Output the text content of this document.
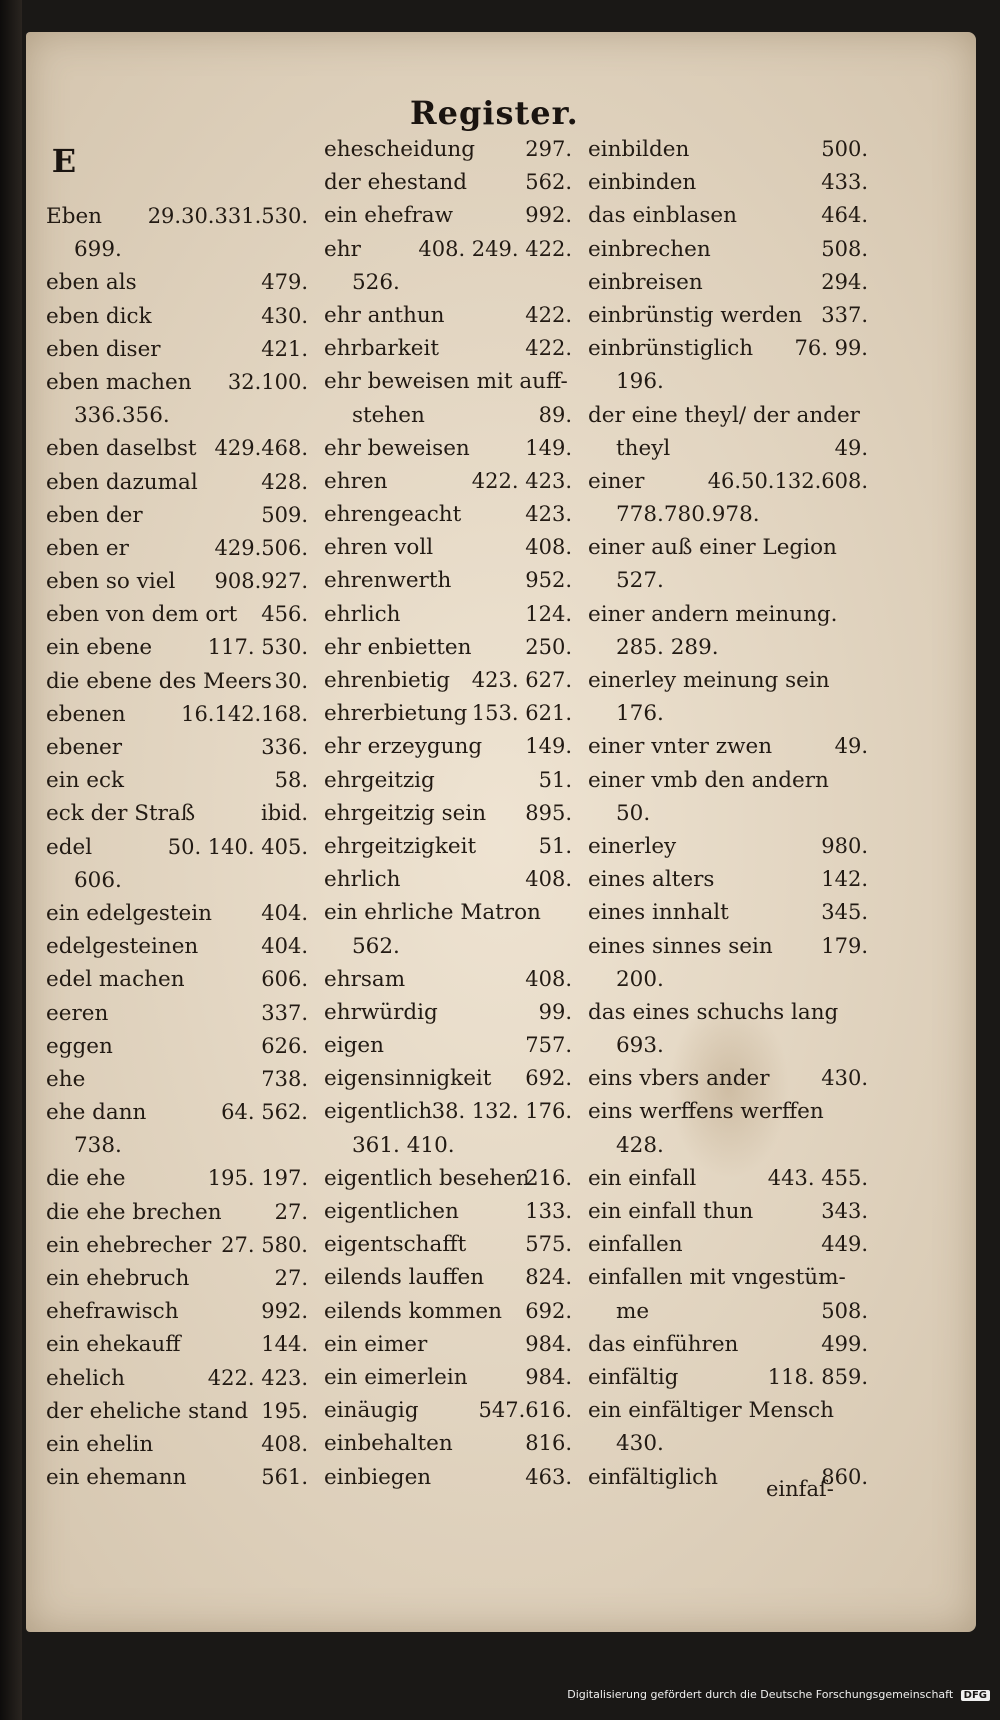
Register.
E
Eben 29.30.331.530.
699.
eben als	479.
eben dick	430.
eben diser	421.
eben machen 32.100.
336.356.
eben daselbst 429.468.
eben dazumal	428.
eben der	509.
eben er	429.506.
eben so viel 908.927.
eben von dem ort 456.
ein ebene	117. 530.
die ebene des Meers 30.
ebenen	16.142.168.
ebener	336.
ein eck	58.
eck der Straß	ibid.
edel	50. 140. 405.
606.
ein edelgestein 404.
edelgesteinen	404.
edel machen	606.
eeren	337.
eggen	626.
ehe	738.
ehe dann	64. 562.
738.
die ehe	195. 197.
die ehe brechen	27.
ein ehebrecher 27. 580.
ein ehebruch	27.
ehefrawisch	992.
ein ehekauff	144.
ehelich	422. 423.
der eheliche stand 195.
ein ehelin	408.
ein ehemann	561.
ehescheidung 297.
der ehestand	562.
ein ehefraw	992.
ehr	408. 249. 422.
526.
ehr anthun	422.
ehrbarkeit	422.
ehr beweisen mit auff-
stehen	89.
ehr beweisen	149.
ehren	422. 423.
ehrengeacht	423.
ehren voll	408.
ehrenwerth	952.
ehrlich	124.
ehr enbietten	250.
ehrenbietig 423. 627.
ehrerbietung 153. 621.
ehr erzeygung 149.
ehrgeitzig	51.
ehrgeitzig sein 895.
ehrgeitzigkeit	51.
ehrlich	408.
ein ehrliche Matron
562.
ehrsam	408.
ehrwürdig	99.
eigen	757.
eigensinnigkeit 692.
eigentlich 38. 132. 176.
361. 410.
eigentlich besehen
216.
eigentlichen	133.
eigentschafft	575.
eilends lauffen 824.
eilends kommen 692.
ein eimer	984.
ein eimerlein	984.
einäugig	547.616.
einbehalten	816.
einbiegen	463.
einbilden	500.
einbinden	433.
das einblasen	464.
einbrechen	508.
einbreisen	294.
einbrünstig werden 337.
einbrünstiglich 76. 99.
196.
der eine theyl/ der ander
theyl	49.
einer	46.50.132.608.
778.780.978.
einer auß einer Legion
527.
einer andern meinung.
285. 289.
einerley meinung sein
176.
einer vnter zwen	49.
einer vmb den andern
50.
einerley	980.
eines alters	142.
eines innhalt	345.
eines sinnes sein 179.
200.
das eines schuchs lang
693.
eins vbers ander 430.
eins werffens werffen
428.
ein einfall	443. 455.
ein einfall thun	343.
einfallen	449.
einfallen mit vngestüm-
me	508.
das einführen	499.
einfältig	118. 859.
ein einfältiger Mensch
430.
einfältiglich	860.
einfaſ-
Digitalisierung gefördert durch die Deutsche Forschungsgemeinschaft DFG
